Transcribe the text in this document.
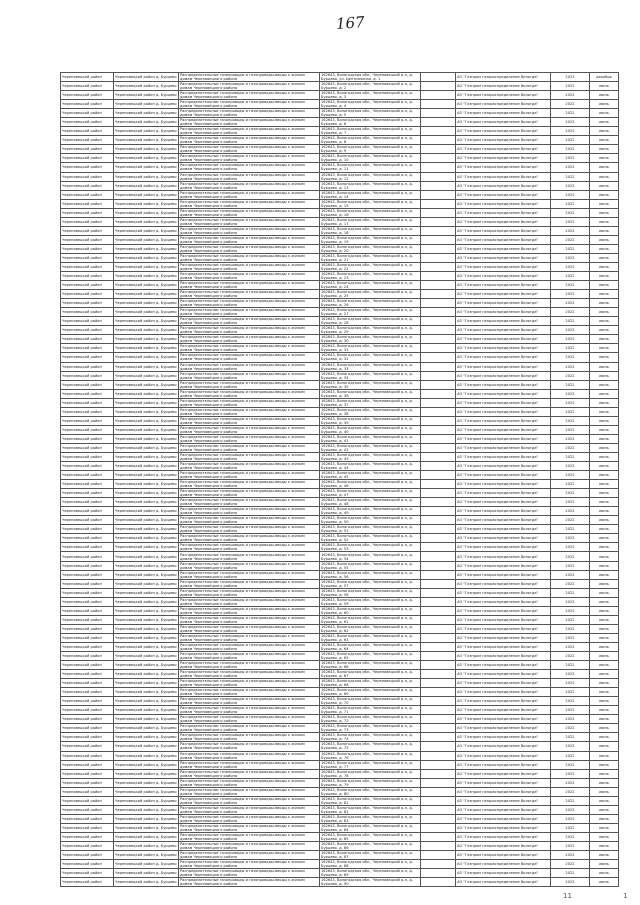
167
Череповецкий район	Череповецкий район д. Бурцево	Распределительные газопроводы и газопроводы-вводы к жилым домам Череповецкого района	162643, Вологодская обл., Череповецкий р-н, д. Бурцево, ул. Центральная, д. 1		АО "Газпром газораспределение Вологда"	2023	декабрь
Череповецкий район	Череповецкий район д. Бурцево	Распределительные газопроводы и газопроводы-вводы к жилым домам Череповецкого района	162643, Вологодская обл., Череповецкий р-н, д. Бурцево, д. 2		АО "Газпром газораспределение Вологда"	2022	июнь
Череповецкий район	Череповецкий район д. Бурцево	Распределительные газопроводы и газопроводы-вводы к жилым домам Череповецкого района	162643, Вологодская обл., Череповецкий р-н, д. Бурцево, д. 3		АО "Газпром газораспределение Вологда"	2022	июнь
Череповецкий район	Череповецкий район д. Бурцево	Распределительные газопроводы и газопроводы-вводы к жилым домам Череповецкого района	162643, Вологодская обл., Череповецкий р-н, д. Бурцево, д. 4		АО "Газпром газораспределение Вологда"	2022	июнь
Череповецкий район	Череповецкий район д. Бурцево	Распределительные газопроводы и газопроводы-вводы к жилым домам Череповецкого района	162643, Вологодская обл., Череповецкий р-н, д. Бурцево, д. 5		АО "Газпром газораспределение Вологда"	2022	июнь
Череповецкий район	Череповецкий район д. Бурцево	Распределительные газопроводы и газопроводы-вводы к жилым домам Череповецкого района	162643, Вологодская обл., Череповецкий р-н, д. Бурцево, д. 6		АО "Газпром газораспределение Вологда"	2022	июнь
Череповецкий район	Череповецкий район д. Бурцево	Распределительные газопроводы и газопроводы-вводы к жилым домам Череповецкого района	162643, Вологодская обл., Череповецкий р-н, д. Бурцево, д. 7		АО "Газпром газораспределение Вологда"	2022	июнь
Череповецкий район	Череповецкий район д. Бурцево	Распределительные газопроводы и газопроводы-вводы к жилым домам Череповецкого района	162643, Вологодская обл., Череповецкий р-н, д. Бурцево, д. 8		АО "Газпром газораспределение Вологда"	2022	июнь
Череповецкий район	Череповецкий район д. Бурцево	Распределительные газопроводы и газопроводы-вводы к жилым домам Череповецкого района	162643, Вологодская обл., Череповецкий р-н, д. Бурцево, д. 9		АО "Газпром газораспределение Вологда"	2022	июнь
Череповецкий район	Череповецкий район д. Бурцево	Распределительные газопроводы и газопроводы-вводы к жилым домам Череповецкого района	162643, Вологодская обл., Череповецкий р-н, д. Бурцево, д. 10		АО "Газпром газораспределение Вологда"	2022	июнь
Череповецкий район	Череповецкий район д. Бурцево	Распределительные газопроводы и газопроводы-вводы к жилым домам Череповецкого района	162643, Вологодская обл., Череповецкий р-н, д. Бурцево, д. 11		АО "Газпром газораспределение Вологда"	2022	июнь
Череповецкий район	Череповецкий район д. Бурцево	Распределительные газопроводы и газопроводы-вводы к жилым домам Череповецкого района	162643, Вологодская обл., Череповецкий р-н, д. Бурцево, д. 12		АО "Газпром газораспределение Вологда"	2022	июнь
Череповецкий район	Череповецкий район д. Бурцево	Распределительные газопроводы и газопроводы-вводы к жилым домам Череповецкого района	162643, Вологодская обл., Череповецкий р-н, д. Бурцево, д. 13		АО "Газпром газораспределение Вологда"	2022	июнь
Череповецкий район	Череповецкий район д. Бурцево	Распределительные газопроводы и газопроводы-вводы к жилым домам Череповецкого района	162643, Вологодская обл., Череповецкий р-н, д. Бурцево, д. 14		АО "Газпром газораспределение Вологда"	2022	июнь
Череповецкий район	Череповецкий район д. Бурцево	Распределительные газопроводы и газопроводы-вводы к жилым домам Череповецкого района	162643, Вологодская обл., Череповецкий р-н, д. Бурцево, д. 15		АО "Газпром газораспределение Вологда"	2022	июнь
Череповецкий район	Череповецкий район д. Бурцево	Распределительные газопроводы и газопроводы-вводы к жилым домам Череповецкого района	162643, Вологодская обл., Череповецкий р-н, д. Бурцево, д. 16		АО "Газпром газораспределение Вологда"	2022	июнь
Череповецкий район	Череповецкий район д. Бурцево	Распределительные газопроводы и газопроводы-вводы к жилым домам Череповецкого района	162643, Вологодская обл., Череповецкий р-н, д. Бурцево, д. 17		АО "Газпром газораспределение Вологда"	2022	июнь
Череповецкий район	Череповецкий район д. Бурцево	Распределительные газопроводы и газопроводы-вводы к жилым домам Череповецкого района	162643, Вологодская обл., Череповецкий р-н, д. Бурцево, д. 18		АО "Газпром газораспределение Вологда"	2022	июнь
Череповецкий район	Череповецкий район д. Бурцево	Распределительные газопроводы и газопроводы-вводы к жилым домам Череповецкого района	162643, Вологодская обл., Череповецкий р-н, д. Бурцево, д. 19		АО "Газпром газораспределение Вологда"	2022	июнь
Череповецкий район	Череповецкий район д. Бурцево	Распределительные газопроводы и газопроводы-вводы к жилым домам Череповецкого района	162643, Вологодская обл., Череповецкий р-н, д. Бурцево, д. 20		АО "Газпром газораспределение Вологда"	2022	июнь
Череповецкий район	Череповецкий район д. Бурцево	Распределительные газопроводы и газопроводы-вводы к жилым домам Череповецкого района	162643, Вологодская обл., Череповецкий р-н, д. Бурцево, д. 21		АО "Газпром газораспределение Вологда"	2022	июнь
Череповецкий район	Череповецкий район д. Бурцево	Распределительные газопроводы и газопроводы-вводы к жилым домам Череповецкого района	162643, Вологодская обл., Череповецкий р-н, д. Бурцево, д. 22		АО "Газпром газораспределение Вологда"	2022	июнь
Череповецкий район	Череповецкий район д. Бурцево	Распределительные газопроводы и газопроводы-вводы к жилым домам Череповецкого района	162643, Вологодская обл., Череповецкий р-н, д. Бурцево, д. 23		АО "Газпром газораспределение Вологда"	2022	июнь
Череповецкий район	Череповецкий район д. Бурцево	Распределительные газопроводы и газопроводы-вводы к жилым домам Череповецкого района	162643, Вологодская обл., Череповецкий р-н, д. Бурцево, д. 24		АО "Газпром газораспределение Вологда"	2022	июнь
Череповецкий район	Череповецкий район д. Бурцево	Распределительные газопроводы и газопроводы-вводы к жилым домам Череповецкого района	162643, Вологодская обл., Череповецкий р-н, д. Бурцево, д. 25		АО "Газпром газораспределение Вологда"	2022	июнь
Череповецкий район	Череповецкий район д. Бурцево	Распределительные газопроводы и газопроводы-вводы к жилым домам Череповецкого района	162643, Вологодская обл., Череповецкий р-н, д. Бурцево, д. 26		АО "Газпром газораспределение Вологда"	2022	июнь
Череповецкий район	Череповецкий район д. Бурцево	Распределительные газопроводы и газопроводы-вводы к жилым домам Череповецкого района	162643, Вологодская обл., Череповецкий р-н, д. Бурцево, д. 27		АО "Газпром газораспределение Вологда"	2022	июнь
Череповецкий район	Череповецкий район д. Бурцево	Распределительные газопроводы и газопроводы-вводы к жилым домам Череповецкого района	162643, Вологодская обл., Череповецкий р-н, д. Бурцево, д. 28		АО "Газпром газораспределение Вологда"	2022	июнь
Череповецкий район	Череповецкий район д. Бурцево	Распределительные газопроводы и газопроводы-вводы к жилым домам Череповецкого района	162643, Вологодская обл., Череповецкий р-н, д. Бурцево, д. 29		АО "Газпром газораспределение Вологда"	2022	июнь
Череповецкий район	Череповецкий район д. Бурцево	Распределительные газопроводы и газопроводы-вводы к жилым домам Череповецкого района	162643, Вологодская обл., Череповецкий р-н, д. Бурцево, д. 30		АО "Газпром газораспределение Вологда"	2022	июнь
Череповецкий район	Череповецкий район д. Бурцево	Распределительные газопроводы и газопроводы-вводы к жилым домам Череповецкого района	162643, Вологодская обл., Череповецкий р-н, д. Бурцево, д. 31		АО "Газпром газораспределение Вологда"	2022	июнь
Череповецкий район	Череповецкий район д. Бурцево	Распределительные газопроводы и газопроводы-вводы к жилым домам Череповецкого района	162643, Вологодская обл., Череповецкий р-н, д. Бурцево, д. 32		АО "Газпром газораспределение Вологда"	2022	июнь
Череповецкий район	Череповецкий район д. Бурцево	Распределительные газопроводы и газопроводы-вводы к жилым домам Череповецкого района	162643, Вологодская обл., Череповецкий р-н, д. Бурцево, д. 33		АО "Газпром газораспределение Вологда"	2022	июнь
Череповецкий район	Череповецкий район д. Бурцево	Распределительные газопроводы и газопроводы-вводы к жилым домам Череповецкого района	162643, Вологодская обл., Череповецкий р-н, д. Бурцево, д. 34		АО "Газпром газораспределение Вологда"	2022	июнь
Череповецкий район	Череповецкий район д. Бурцево	Распределительные газопроводы и газопроводы-вводы к жилым домам Череповецкого района	162643, Вологодская обл., Череповецкий р-н, д. Бурцево, д. 35		АО "Газпром газораспределение Вологда"	2022	июнь
Череповецкий район	Череповецкий район д. Бурцево	Распределительные газопроводы и газопроводы-вводы к жилым домам Череповецкого района	162643, Вологодская обл., Череповецкий р-н, д. Бурцево, д. 36		АО "Газпром газораспределение Вологда"	2022	июнь
Череповецкий район	Череповецкий район д. Бурцево	Распределительные газопроводы и газопроводы-вводы к жилым домам Череповецкого района	162643, Вологодская обл., Череповецкий р-н, д. Бурцево, д. 37		АО "Газпром газораспределение Вологда"	2022	июнь
Череповецкий район	Череповецкий район д. Бурцево	Распределительные газопроводы и газопроводы-вводы к жилым домам Череповецкого района	162643, Вологодская обл., Череповецкий р-н, д. Бурцево, д. 38		АО "Газпром газораспределение Вологда"	2022	июнь
Череповецкий район	Череповецкий район д. Бурцево	Распределительные газопроводы и газопроводы-вводы к жилым домам Череповецкого района	162643, Вологодская обл., Череповецкий р-н, д. Бурцево, д. 39		АО "Газпром газораспределение Вологда"	2022	июнь
Череповецкий район	Череповецкий район д. Бурцево	Распределительные газопроводы и газопроводы-вводы к жилым домам Череповецкого района	162643, Вологодская обл., Череповецкий р-н, д. Бурцево, д. 40		АО "Газпром газораспределение Вологда"	2022	июнь
Череповецкий район	Череповецкий район д. Бурцево	Распределительные газопроводы и газопроводы-вводы к жилым домам Череповецкого района	162643, Вологодская обл., Череповецкий р-н, д. Бурцево, д. 41		АО "Газпром газораспределение Вологда"	2022	июнь
Череповецкий район	Череповецкий район д. Бурцево	Распределительные газопроводы и газопроводы-вводы к жилым домам Череповецкого района	162643, Вологодская обл., Череповецкий р-н, д. Бурцево, д. 42		АО "Газпром газораспределение Вологда"	2022	июнь
Череповецкий район	Череповецкий район д. Бурцево	Распределительные газопроводы и газопроводы-вводы к жилым домам Череповецкого района	162643, Вологодская обл., Череповецкий р-н, д. Бурцево, д. 43		АО "Газпром газораспределение Вологда"	2022	июнь
Череповецкий район	Череповецкий район д. Бурцево	Распределительные газопроводы и газопроводы-вводы к жилым домам Череповецкого района	162643, Вологодская обл., Череповецкий р-н, д. Бурцево, д. 44		АО "Газпром газораспределение Вологда"	2022	июнь
Череповецкий район	Череповецкий район д. Бурцево	Распределительные газопроводы и газопроводы-вводы к жилым домам Череповецкого района	162643, Вологодская обл., Череповецкий р-н, д. Бурцево, д. 45		АО "Газпром газораспределение Вологда"	2022	июнь
Череповецкий район	Череповецкий район д. Бурцево	Распределительные газопроводы и газопроводы-вводы к жилым домам Череповецкого района	162643, Вологодская обл., Череповецкий р-н, д. Бурцево, д. 46		АО "Газпром газораспределение Вологда"	2022	июнь
Череповецкий район	Череповецкий район д. Бурцево	Распределительные газопроводы и газопроводы-вводы к жилым домам Череповецкого района	162643, Вологодская обл., Череповецкий р-н, д. Бурцево, д. 47		АО "Газпром газораспределение Вологда"	2022	июнь
Череповецкий район	Череповецкий район д. Бурцево	Распределительные газопроводы и газопроводы-вводы к жилым домам Череповецкого района	162643, Вологодская обл., Череповецкий р-н, д. Бурцево, д. 48		АО "Газпром газораспределение Вологда"	2022	июнь
Череповецкий район	Череповецкий район д. Бурцево	Распределительные газопроводы и газопроводы-вводы к жилым домам Череповецкого района	162643, Вологодская обл., Череповецкий р-н, д. Бурцево, д. 49		АО "Газпром газораспределение Вологда"	2022	июнь
Череповецкий район	Череповецкий район д. Бурцево	Распределительные газопроводы и газопроводы-вводы к жилым домам Череповецкого района	162643, Вологодская обл., Череповецкий р-н, д. Бурцево, д. 50		АО "Газпром газораспределение Вологда"	2022	июнь
Череповецкий район	Череповецкий район д. Бурцево	Распределительные газопроводы и газопроводы-вводы к жилым домам Череповецкого района	162643, Вологодская обл., Череповецкий р-н, д. Бурцево, д. 51		АО "Газпром газораспределение Вологда"	2022	июнь
Череповецкий район	Череповецкий район д. Бурцево	Распределительные газопроводы и газопроводы-вводы к жилым домам Череповецкого района	162643, Вологодская обл., Череповецкий р-н, д. Бурцево, д. 52		АО "Газпром газораспределение Вологда"	2022	июнь
Череповецкий район	Череповецкий район д. Бурцево	Распределительные газопроводы и газопроводы-вводы к жилым домам Череповецкого района	162643, Вологодская обл., Череповецкий р-н, д. Бурцево, д. 53		АО "Газпром газораспределение Вологда"	2022	июнь
Череповецкий район	Череповецкий район д. Бурцево	Распределительные газопроводы и газопроводы-вводы к жилым домам Череповецкого района	162643, Вологодская обл., Череповецкий р-н, д. Бурцево, д. 54		АО "Газпром газораспределение Вологда"	2022	июнь
Череповецкий район	Череповецкий район д. Бурцево	Распределительные газопроводы и газопроводы-вводы к жилым домам Череповецкого района	162643, Вологодская обл., Череповецкий р-н, д. Бурцево, д. 55		АО "Газпром газораспределение Вологда"	2022	июнь
Череповецкий район	Череповецкий район д. Бурцево	Распределительные газопроводы и газопроводы-вводы к жилым домам Череповецкого района	162643, Вологодская обл., Череповецкий р-н, д. Бурцево, д. 56		АО "Газпром газораспределение Вологда"	2022	июнь
Череповецкий район	Череповецкий район д. Бурцево	Распределительные газопроводы и газопроводы-вводы к жилым домам Череповецкого района	162643, Вологодская обл., Череповецкий р-н, д. Бурцево, д. 57		АО "Газпром газораспределение Вологда"	2022	июнь
Череповецкий район	Череповецкий район д. Бурцево	Распределительные газопроводы и газопроводы-вводы к жилым домам Череповецкого района	162643, Вологодская обл., Череповецкий р-н, д. Бурцево, д. 58		АО "Газпром газораспределение Вологда"	2022	июнь
Череповецкий район	Череповецкий район д. Бурцево	Распределительные газопроводы и газопроводы-вводы к жилым домам Череповецкого района	162643, Вологодская обл., Череповецкий р-н, д. Бурцево, д. 59		АО "Газпром газораспределение Вологда"	2022	июнь
Череповецкий район	Череповецкий район д. Бурцево	Распределительные газопроводы и газопроводы-вводы к жилым домам Череповецкого района	162643, Вологодская обл., Череповецкий р-н, д. Бурцево, д. 60		АО "Газпром газораспределение Вологда"	2022	июнь
Череповецкий район	Череповецкий район д. Бурцево	Распределительные газопроводы и газопроводы-вводы к жилым домам Череповецкого района	162643, Вологодская обл., Череповецкий р-н, д. Бурцево, д. 61		АО "Газпром газораспределение Вологда"	2022	июнь
Череповецкий район	Череповецкий район д. Бурцево	Распределительные газопроводы и газопроводы-вводы к жилым домам Череповецкого района	162643, Вологодская обл., Череповецкий р-н, д. Бурцево, д. 62		АО "Газпром газораспределение Вологда"	2022	июнь
Череповецкий район	Череповецкий район д. Бурцево	Распределительные газопроводы и газопроводы-вводы к жилым домам Череповецкого района	162643, Вологодская обл., Череповецкий р-н, д. Бурцево, д. 63		АО "Газпром газораспределение Вологда"	2022	июнь
Череповецкий район	Череповецкий район д. Бурцево	Распределительные газопроводы и газопроводы-вводы к жилым домам Череповецкого района	162643, Вологодская обл., Череповецкий р-н, д. Бурцево, д. 64		АО "Газпром газораспределение Вологда"	2022	июнь
Череповецкий район	Череповецкий район д. Бурцево	Распределительные газопроводы и газопроводы-вводы к жилым домам Череповецкого района	162643, Вологодская обл., Череповецкий р-н, д. Бурцево, д. 65		АО "Газпром газораспределение Вологда"	2022	июнь
Череповецкий район	Череповецкий район д. Бурцево	Распределительные газопроводы и газопроводы-вводы к жилым домам Череповецкого района	162643, Вологодская обл., Череповецкий р-н, д. Бурцево, д. 66		АО "Газпром газораспределение Вологда"	2022	июнь
Череповецкий район	Череповецкий район д. Бурцево	Распределительные газопроводы и газопроводы-вводы к жилым домам Череповецкого района	162643, Вологодская обл., Череповецкий р-н, д. Бурцево, д. 67		АО "Газпром газораспределение Вологда"	2022	июнь
Череповецкий район	Череповецкий район д. Бурцево	Распределительные газопроводы и газопроводы-вводы к жилым домам Череповецкого района	162643, Вологодская обл., Череповецкий р-н, д. Бурцево, д. 68		АО "Газпром газораспределение Вологда"	2022	июнь
Череповецкий район	Череповецкий район д. Бурцево	Распределительные газопроводы и газопроводы-вводы к жилым домам Череповецкого района	162643, Вологодская обл., Череповецкий р-н, д. Бурцево, д. 69		АО "Газпром газораспределение Вологда"	2022	июнь
Череповецкий район	Череповецкий район д. Бурцево	Распределительные газопроводы и газопроводы-вводы к жилым домам Череповецкого района	162643, Вологодская обл., Череповецкий р-н, д. Бурцево, д. 70		АО "Газпром газораспределение Вологда"	2022	июнь
Череповецкий район	Череповецкий район д. Бурцево	Распределительные газопроводы и газопроводы-вводы к жилым домам Череповецкого района	162643, Вологодская обл., Череповецкий р-н, д. Бурцево, д. 71		АО "Газпром газораспределение Вологда"	2022	июнь
Череповецкий район	Череповецкий район д. Бурцево	Распределительные газопроводы и газопроводы-вводы к жилым домам Череповецкого района	162643, Вологодская обл., Череповецкий р-н, д. Бурцево, д. 72		АО "Газпром газораспределение Вологда"	2022	июнь
Череповецкий район	Череповецкий район д. Бурцево	Распределительные газопроводы и газопроводы-вводы к жилым домам Череповецкого района	162643, Вологодская обл., Череповецкий р-н, д. Бурцево, д. 73		АО "Газпром газораспределение Вологда"	2022	июнь
Череповецкий район	Череповецкий район д. Бурцево	Распределительные газопроводы и газопроводы-вводы к жилым домам Череповецкого района	162643, Вологодская обл., Череповецкий р-н, д. Бурцево, д. 74		АО "Газпром газораспределение Вологда"	2022	июнь
Череповецкий район	Череповецкий район д. Бурцево	Распределительные газопроводы и газопроводы-вводы к жилым домам Череповецкого района	162643, Вологодская обл., Череповецкий р-н, д. Бурцево, д. 75		АО "Газпром газораспределение Вологда"	2022	июнь
Череповецкий район	Череповецкий район д. Бурцево	Распределительные газопроводы и газопроводы-вводы к жилым домам Череповецкого района	162643, Вологодская обл., Череповецкий р-н, д. Бурцево, д. 76		АО "Газпром газораспределение Вологда"	2022	июнь
Череповецкий район	Череповецкий район д. Бурцево	Распределительные газопроводы и газопроводы-вводы к жилым домам Череповецкого района	162643, Вологодская обл., Череповецкий р-н, д. Бурцево, д. 77		АО "Газпром газораспределение Вологда"	2022	июнь
Череповецкий район	Череповецкий район д. Бурцево	Распределительные газопроводы и газопроводы-вводы к жилым домам Череповецкого района	162643, Вологодская обл., Череповецкий р-н, д. Бурцево, д. 78		АО "Газпром газораспределение Вологда"	2022	июнь
Череповецкий район	Череповецкий район д. Бурцево	Распределительные газопроводы и газопроводы-вводы к жилым домам Череповецкого района	162643, Вологодская обл., Череповецкий р-н, д. Бурцево, д. 79		АО "Газпром газораспределение Вологда"	2022	июнь
Череповецкий район	Череповецкий район д. Бурцево	Распределительные газопроводы и газопроводы-вводы к жилым домам Череповецкого района	162643, Вологодская обл., Череповецкий р-н, д. Бурцево, д. 80		АО "Газпром газораспределение Вологда"	2022	июнь
Череповецкий район	Череповецкий район д. Бурцево	Распределительные газопроводы и газопроводы-вводы к жилым домам Череповецкого района	162643, Вологодская обл., Череповецкий р-н, д. Бурцево, д. 81		АО "Газпром газораспределение Вологда"	2022	июнь
Череповецкий район	Череповецкий район д. Бурцево	Распределительные газопроводы и газопроводы-вводы к жилым домам Череповецкого района	162643, Вологодская обл., Череповецкий р-н, д. Бурцево, д. 82		АО "Газпром газораспределение Вологда"	2022	июнь
Череповецкий район	Череповецкий район д. Бурцево	Распределительные газопроводы и газопроводы-вводы к жилым домам Череповецкого района	162643, Вологодская обл., Череповецкий р-н, д. Бурцево, д. 83		АО "Газпром газораспределение Вологда"	2022	июнь
Череповецкий район	Череповецкий район д. Бурцево	Распределительные газопроводы и газопроводы-вводы к жилым домам Череповецкого района	162643, Вологодская обл., Череповецкий р-н, д. Бурцево, д. 84		АО "Газпром газораспределение Вологда"	2022	июнь
Череповецкий район	Череповецкий район д. Бурцево	Распределительные газопроводы и газопроводы-вводы к жилым домам Череповецкого района	162643, Вологодская обл., Череповецкий р-н, д. Бурцево, д. 85		АО "Газпром газораспределение Вологда"	2022	июнь
Череповецкий район	Череповецкий район д. Бурцево	Распределительные газопроводы и газопроводы-вводы к жилым домам Череповецкого района	162643, Вологодская обл., Череповецкий р-н, д. Бурцево, д. 86		АО "Газпром газораспределение Вологда"	2022	июнь
Череповецкий район	Череповецкий район д. Бурцево	Распределительные газопроводы и газопроводы-вводы к жилым домам Череповецкого района	162643, Вологодская обл., Череповецкий р-н, д. Бурцево, д. 87		АО "Газпром газораспределение Вологда"	2022	июнь
Череповецкий район	Череповецкий район д. Бурцево	Распределительные газопроводы и газопроводы-вводы к жилым домам Череповецкого района	162643, Вологодская обл., Череповецкий р-н, д. Бурцево, д. 88		АО "Газпром газораспределение Вологда"	2022	июнь
Череповецкий район	Череповецкий район д. Бурцево	Распределительные газопроводы и газопроводы-вводы к жилым домам Череповецкого района	162643, Вологодская обл., Череповецкий р-н, д. Бурцево, д. 89		АО "Газпром газораспределение Вологда"	2022	июнь
Череповецкий район	Череповецкий район д. Бурцево	Распределительные газопроводы и газопроводы-вводы к жилым домам Череповецкого района	162643, Вологодская обл., Череповецкий р-н, д. Бурцево, д. 90		АО "Газпром газораспределение Вологда"	2022	июнь
11	1
